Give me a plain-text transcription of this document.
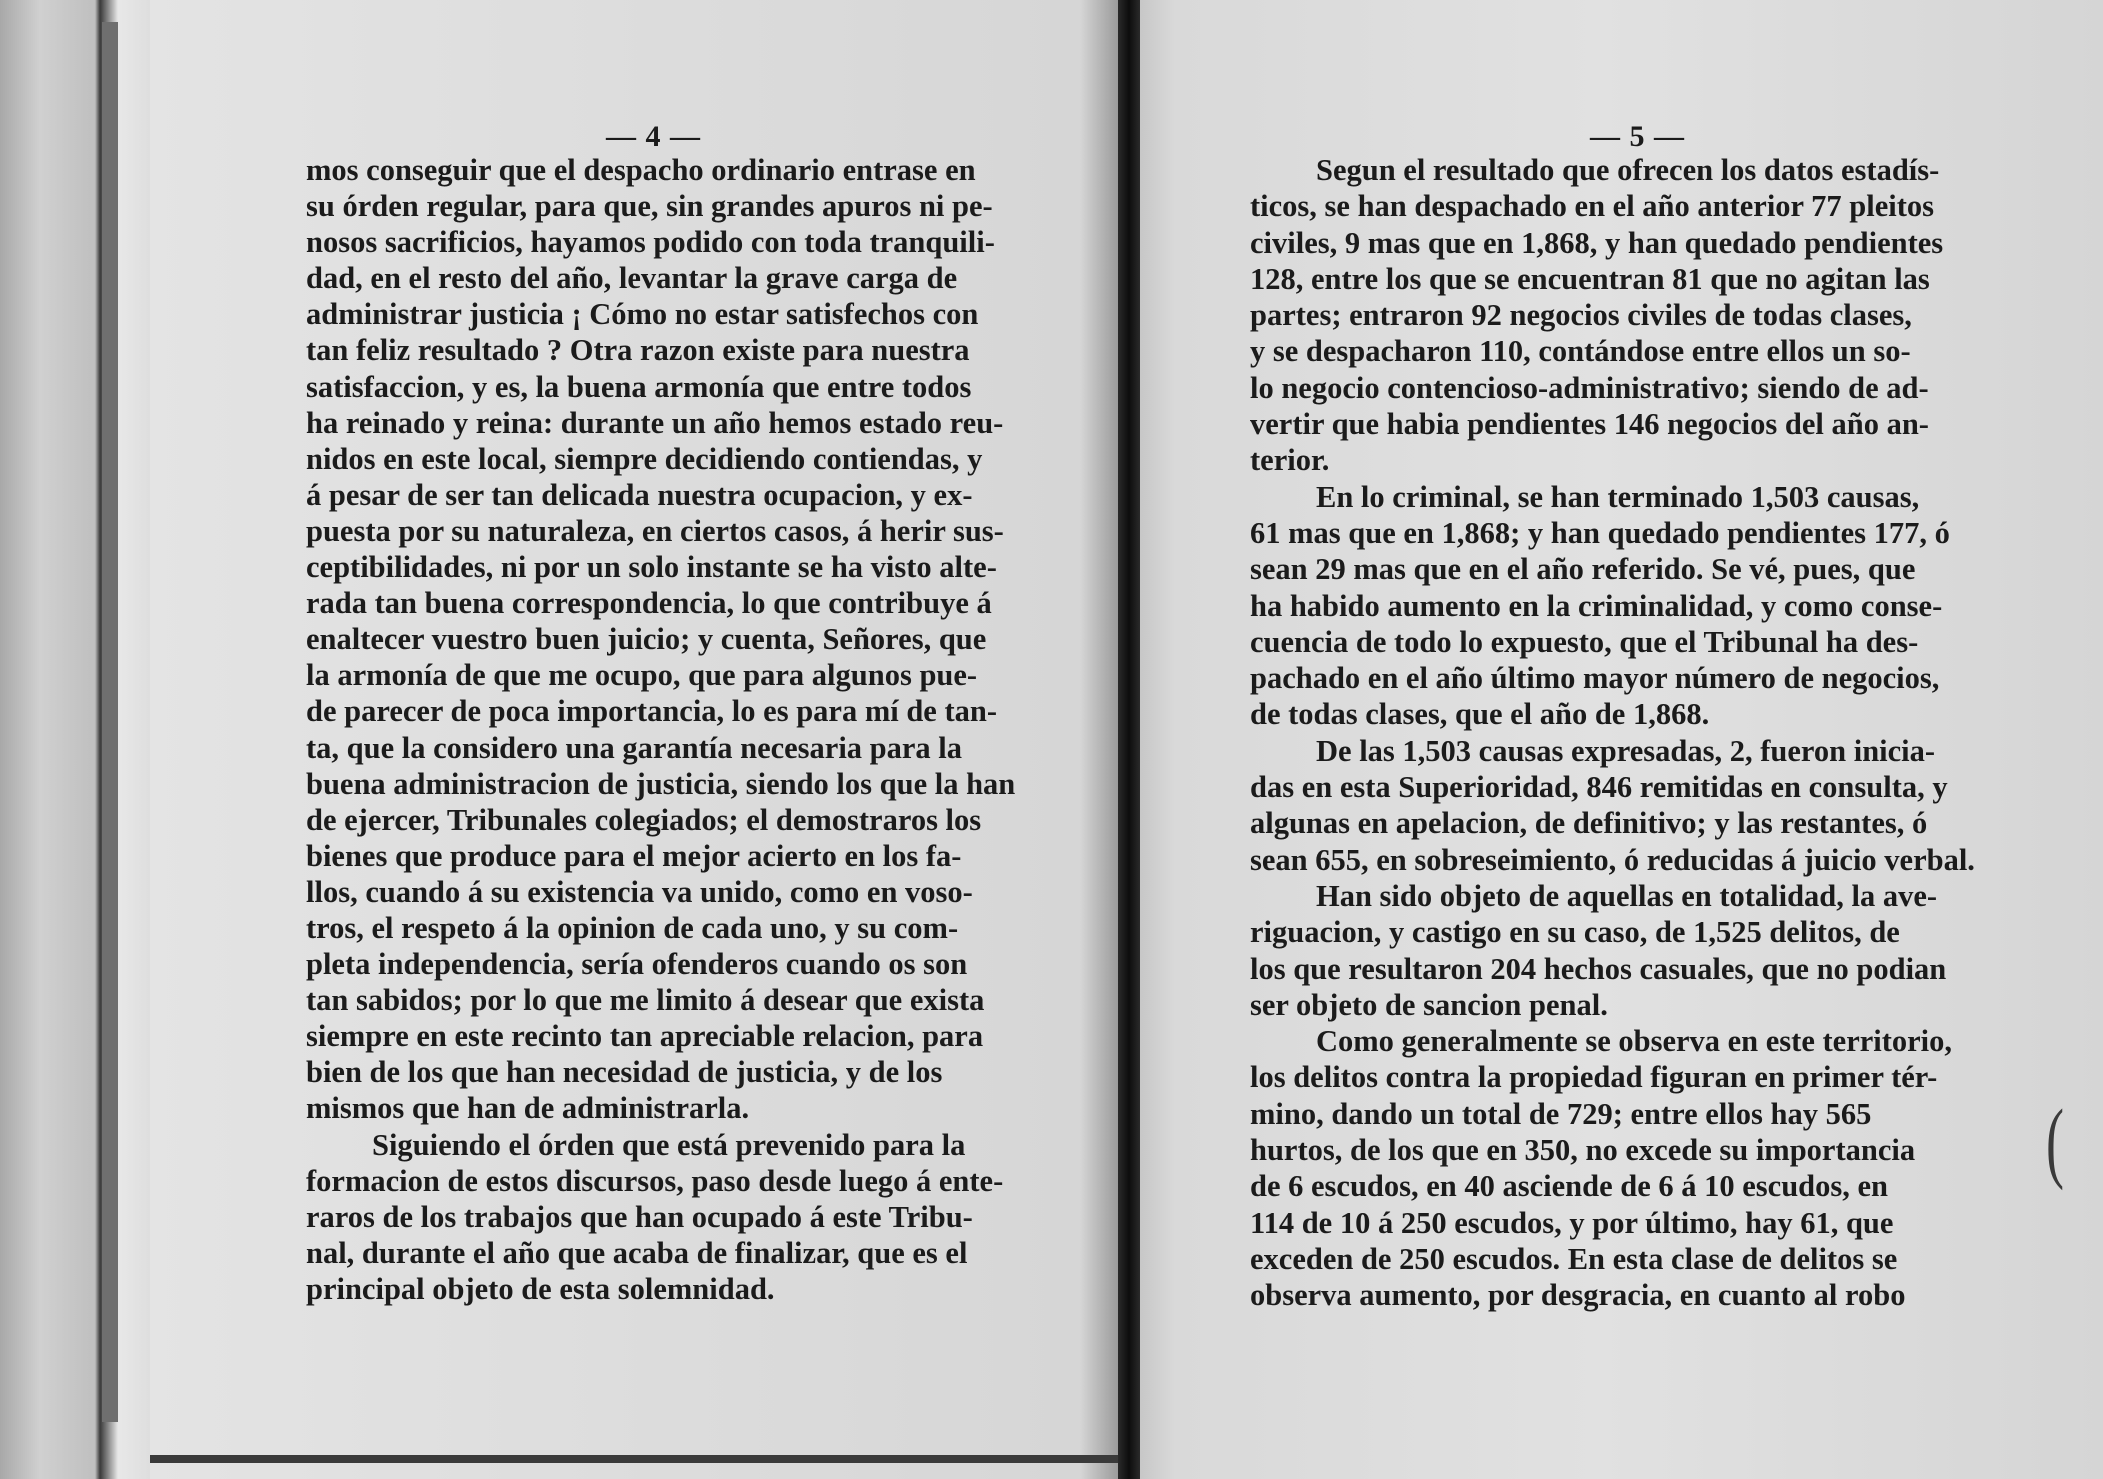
(
— 4 —
mos conseguir que el despacho ordinario entrase en
su órden regular, para que, sin grandes apuros ni pe-
nosos sacrificios, hayamos podido con toda tranquili-
dad, en el resto del año, levantar la grave carga de
administrar justicia ¡ Cómo no estar satisfechos con
tan feliz resultado ? Otra razon existe para nuestra
satisfaccion, y es, la buena armonía que entre todos
ha reinado y reina: durante un año hemos estado reu-
nidos en este local, siempre decidiendo contiendas, y
á pesar de ser tan delicada nuestra ocupacion, y ex-
puesta por su naturaleza, en ciertos casos, á herir sus-
ceptibilidades, ni por un solo instante se ha visto alte-
rada tan buena correspondencia, lo que contribuye á
enaltecer vuestro buen juicio; y cuenta, Señores, que
la armonía de que me ocupo, que para algunos pue-
de parecer de poca importancia, lo es para mí de tan-
ta, que la considero una garantía necesaria para la
buena administracion de justicia, siendo los que la han
de ejercer, Tribunales colegiados; el demostraros los
bienes que produce para el mejor acierto en los fa-
llos, cuando á su existencia va unido, como en voso-
tros, el respeto á la opinion de cada uno, y su com-
pleta independencia, sería ofenderos cuando os son
tan sabidos; por lo que me limito á desear que exista
siempre en este recinto tan apreciable relacion, para
bien de los que han necesidad de justicia, y de los
mismos que han de administrarla.
Siguiendo el órden que está prevenido para la
formacion de estos discursos, paso desde luego á ente-
raros de los trabajos que han ocupado á este Tribu-
nal, durante el año que acaba de finalizar, que es el
principal objeto de esta solemnidad.
— 5 —
Segun el resultado que ofrecen los datos estadís-
ticos, se han despachado en el año anterior 77 pleitos
civiles, 9 mas que en 1,868, y han quedado pendientes
128, entre los que se encuentran 81 que no agitan las
partes; entraron 92 negocios civiles de todas clases,
y se despacharon 110, contándose entre ellos un so-
lo negocio contencioso-administrativo; siendo de ad-
vertir que habia pendientes 146 negocios del año an-
terior.
En lo criminal, se han terminado 1,503 causas,
61 mas que en 1,868; y han quedado pendientes 177, ó
sean 29 mas que en el año referido. Se vé, pues, que
ha habido aumento en la criminalidad, y como conse-
cuencia de todo lo expuesto, que el Tribunal ha des-
pachado en el año último mayor número de negocios,
de todas clases, que el año de 1,868.
De las 1,503 causas expresadas, 2, fueron inicia-
das en esta Superioridad, 846 remitidas en consulta, y
algunas en apelacion, de definitivo; y las restantes, ó
sean 655, en sobreseimiento, ó reducidas á juicio verbal.
Han sido objeto de aquellas en totalidad, la ave-
riguacion, y castigo en su caso, de 1,525 delitos, de
los que resultaron 204 hechos casuales, que no podian
ser objeto de sancion penal.
Como generalmente se observa en este territorio,
los delitos contra la propiedad figuran en primer tér-
mino, dando un total de 729; entre ellos hay 565
hurtos, de los que en 350, no excede su importancia
de 6 escudos, en 40 asciende de 6 á 10 escudos, en
114 de 10 á 250 escudos, y por último, hay 61, que
exceden de 250 escudos. En esta clase de delitos se
observa aumento, por desgracia, en cuanto al robo
